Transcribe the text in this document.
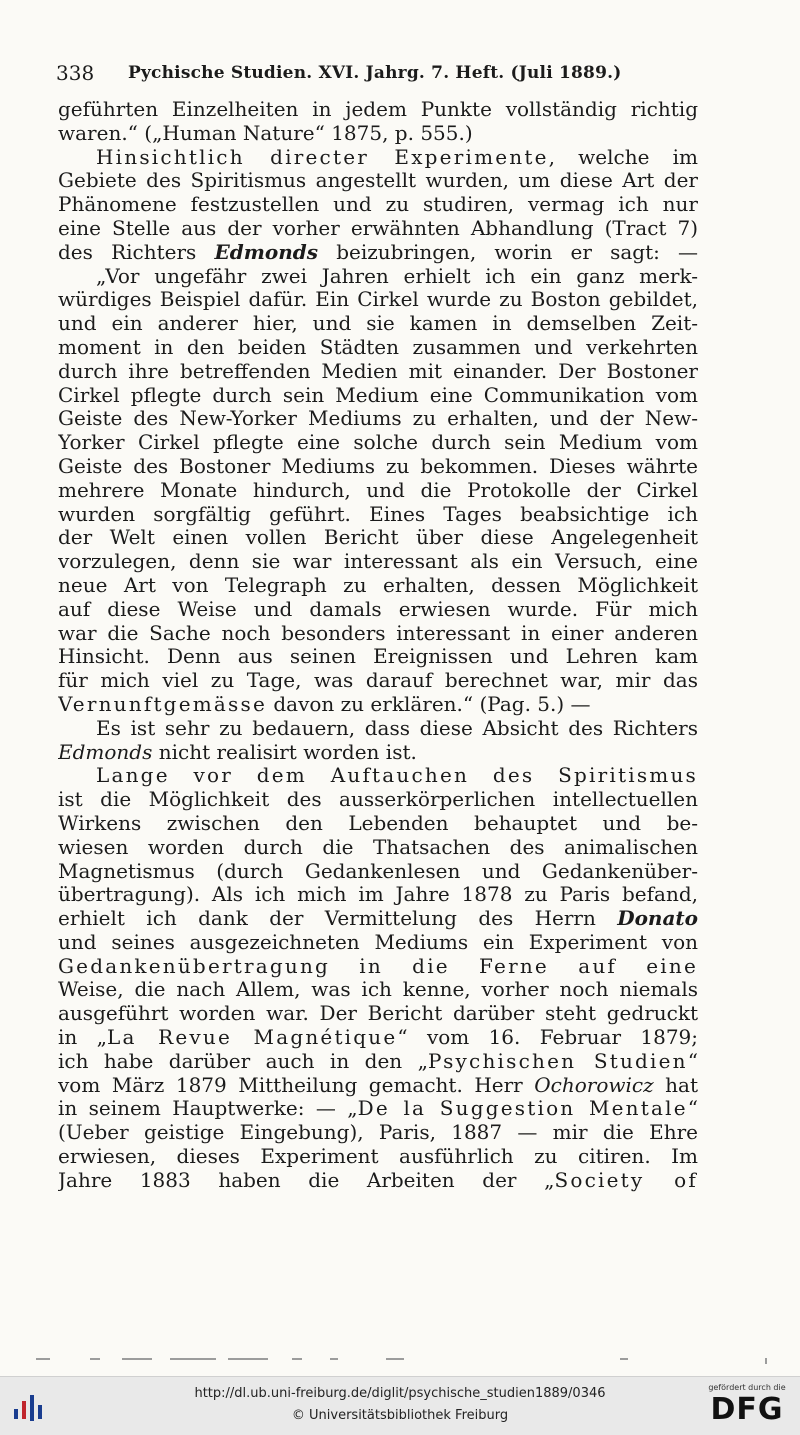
338 Pychische Studien. XVI. Jahrg. 7. Heft. (Juli 1889.)
geführten Einzelheiten in jedem Punkte vollständig richtig
waren.“ („Human Nature“ 1875, p. 555.)
Hinsichtlich directer Experimente, welche im
Gebiete des Spiritismus angestellt wurden, um diese Art der
Phänomene festzustellen und zu studiren, vermag ich nur
eine Stelle aus der vorher erwähnten Abhandlung (Tract 7)
des Richters Edmonds beizubringen, worin er sagt: —
„Vor ungefähr zwei Jahren erhielt ich ein ganz merk-
würdiges Beispiel dafür. Ein Cirkel wurde zu Boston gebildet,
und ein anderer hier, und sie kamen in demselben Zeit-
moment in den beiden Städten zusammen und verkehrten
durch ihre betreffenden Medien mit einander. Der Bostoner
Cirkel pflegte durch sein Medium eine Communikation vom
Geiste des New-Yorker Mediums zu erhalten, und der New-
Yorker Cirkel pflegte eine solche durch sein Medium vom
Geiste des Bostoner Mediums zu bekommen. Dieses währte
mehrere Monate hindurch, und die Protokolle der Cirkel
wurden sorgfältig geführt. Eines Tages beabsichtige ich
der Welt einen vollen Bericht über diese Angelegenheit
vorzulegen, denn sie war interessant als ein Versuch, eine
neue Art von Telegraph zu erhalten, dessen Möglichkeit
auf diese Weise und damals erwiesen wurde. Für mich
war die Sache noch besonders interessant in einer anderen
Hinsicht. Denn aus seinen Ereignissen und Lehren kam
für mich viel zu Tage, was darauf berechnet war, mir das
Vernunftgemässe davon zu erklären.“ (Pag. 5.) —
Es ist sehr zu bedauern, dass diese Absicht des Richters
Edmonds nicht realisirt worden ist.
Lange vor dem Auftauchen des Spiritismus
ist die Möglichkeit des ausserkörperlichen intellectuellen
Wirkens zwischen den Lebenden behauptet und be-
wiesen worden durch die Thatsachen des animalischen
Magnetismus (durch Gedankenlesen und Gedankenüber-
übertragung). Als ich mich im Jahre 1878 zu Paris befand,
erhielt ich dank der Vermittelung des Herrn Donato
und seines ausgezeichneten Mediums ein Experiment von
Gedankenübertragung in die Ferne auf eine
Weise, die nach Allem, was ich kenne, vorher noch niemals
ausgeführt worden war. Der Bericht darüber steht gedruckt
in „La Revue Magnétique“ vom 16. Februar 1879;
ich habe darüber auch in den „Psychischen Studien“
vom März 1879 Mittheilung gemacht. Herr Ochorowicz hat
in seinem Hauptwerke: — „De la Suggestion Mentale“
(Ueber geistige Eingebung), Paris, 1887 — mir die Ehre
erwiesen, dieses Experiment ausführlich zu citiren. Im
Jahre 1883 haben die Arbeiten der „Society of
http://dl.ub.uni-freiburg.de/diglit/psychische_studien1889/0346
© Universitätsbibliothek Freiburg
gefördert durch die
DFG
